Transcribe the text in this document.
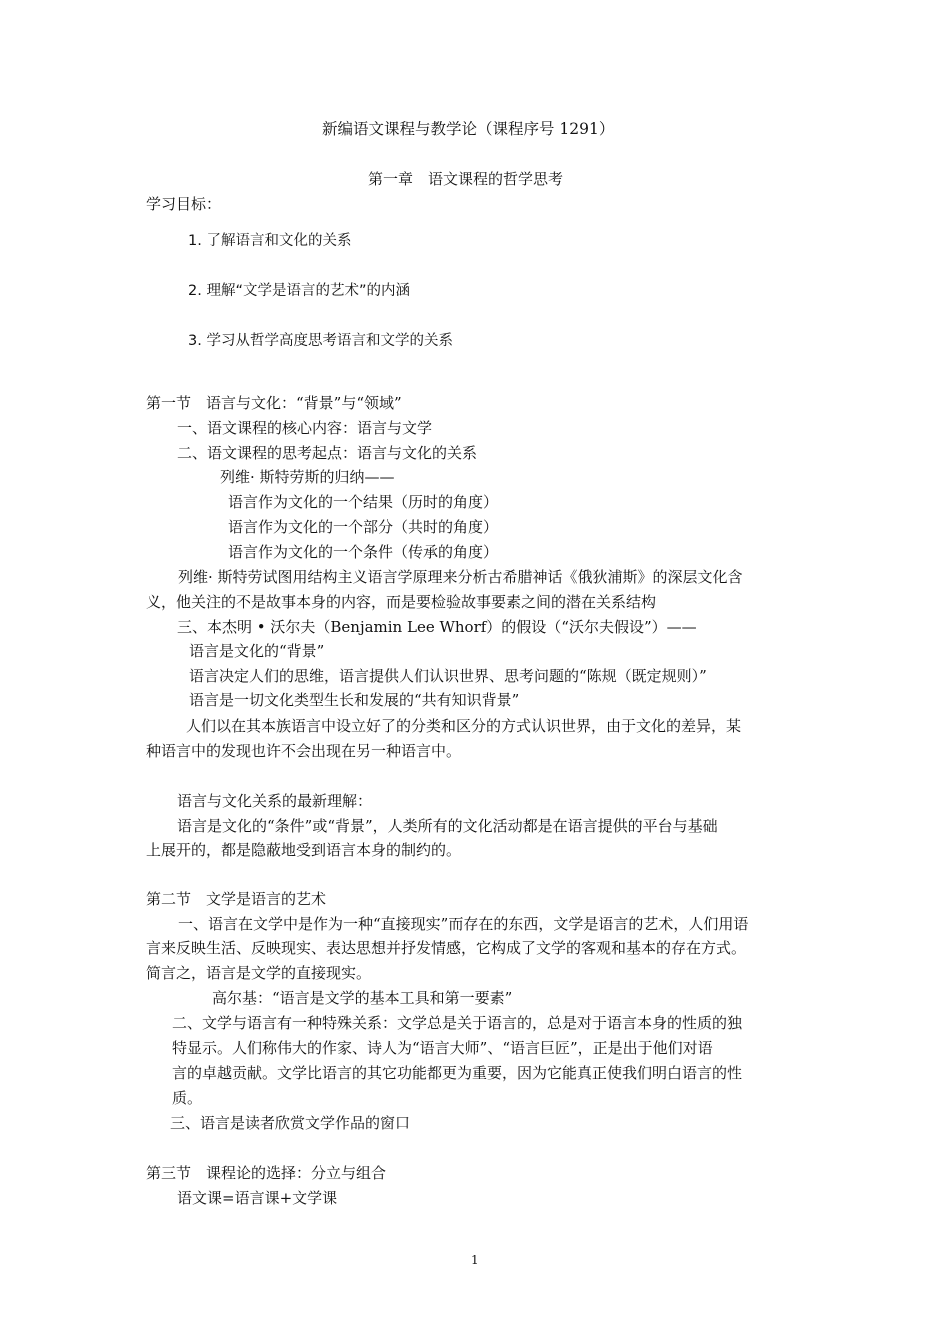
新编语文课程与教学论（课程序号 1291）
第一章　语文课程的哲学思考
学习目标：
1. 了解语言和文化的关系
2. 理解“文学是语言的艺术”的内涵
3. 学习从哲学高度思考语言和文学的关系
第一节　语言与文化：“背景”与“领域”
一、语文课程的核心内容：语言与文学
二、语文课程的思考起点：语言与文化的关系
列维· 斯特劳斯的归纳——
语言作为文化的一个结果（历时的角度）
语言作为文化的一个部分（共时的角度）
语言作为文化的一个条件（传承的角度）
列维· 斯特劳试图用结构主义语言学原理来分析古希腊神话《俄狄浦斯》的深层文化含
义，他关注的不是故事本身的内容，而是要检验故事要素之间的潜在关系结构
三、本杰明 • 沃尔夫（Benjamin Lee Whorf）的假设（“沃尔夫假设”）——
语言是文化的“背景”
语言决定人们的思维，语言提供人们认识世界、思考问题的“陈规（既定规则）”
语言是一切文化类型生长和发展的“共有知识背景”
人们以在其本族语言中设立好了的分类和区分的方式认识世界，由于文化的差异，某
种语言中的发现也许不会出现在另一种语言中。
语言与文化关系的最新理解：
语言是文化的“条件”或“背景”，人类所有的文化活动都是在语言提供的平台与基础
上展开的，都是隐蔽地受到语言本身的制约的。
第二节　文学是语言的艺术
一、语言在文学中是作为一种“直接现实”而存在的东西，文学是语言的艺术，人们用语
言来反映生活、反映现实、表达思想并抒发情感，它构成了文学的客观和基本的存在方式。
简言之，语言是文学的直接现实。
高尔基：“语言是文学的基本工具和第一要素”
二、文学与语言有一种特殊关系：文学总是关于语言的，总是对于语言本身的性质的独
特显示。人们称伟大的作家、诗人为“语言大师”、“语言巨匠”，正是出于他们对语
言的卓越贡献。文学比语言的其它功能都更为重要，因为它能真正使我们明白语言的性
质。
三、语言是读者欣赏文学作品的窗口
第三节　课程论的选择：分立与组合
语文课=语言课+文学课
1
